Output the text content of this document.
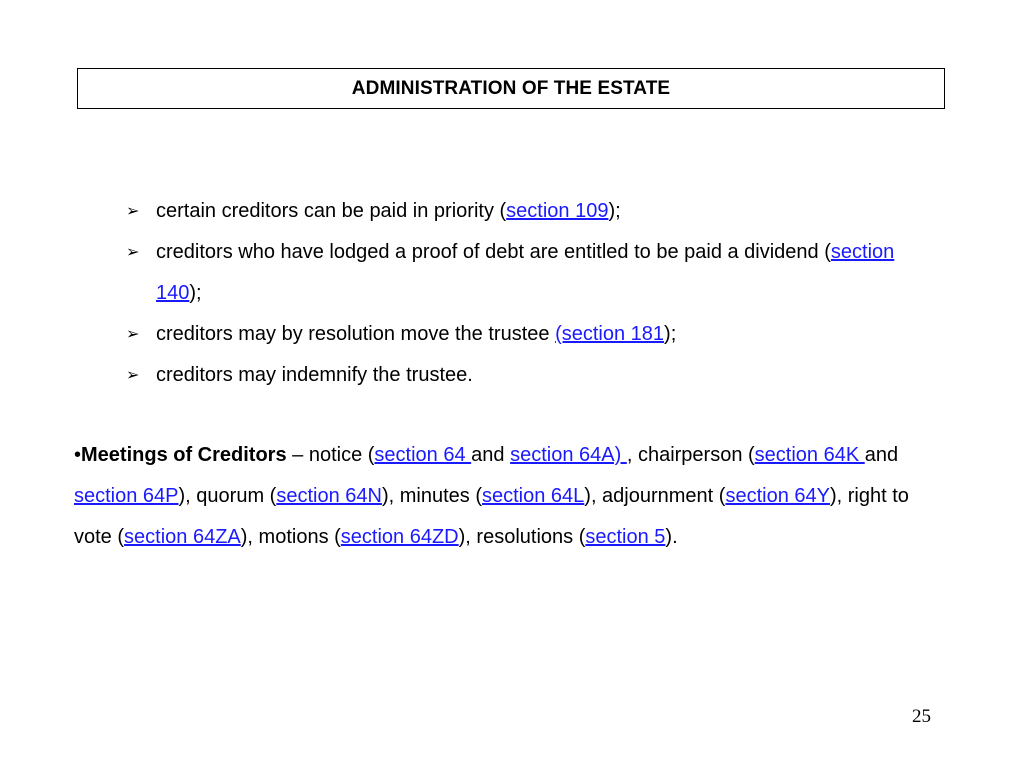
ADMINISTRATION OF THE ESTATE
➢ certain creditors can be paid in priority (section 109);
➢ creditors who have lodged a proof of debt are entitled to be paid a dividend (section 140);
➢ creditors may by resolution move the trustee (section 181);
➢ creditors may indemnify the trustee.

•Meetings of Creditors – notice (section 64 and section 64A) , chairperson (section 64K and section 64P), quorum (section 64N), minutes (section 64L), adjournment (section 64Y), right to vote (section 64ZA), motions (section 64ZD), resolutions (section 5).

25
